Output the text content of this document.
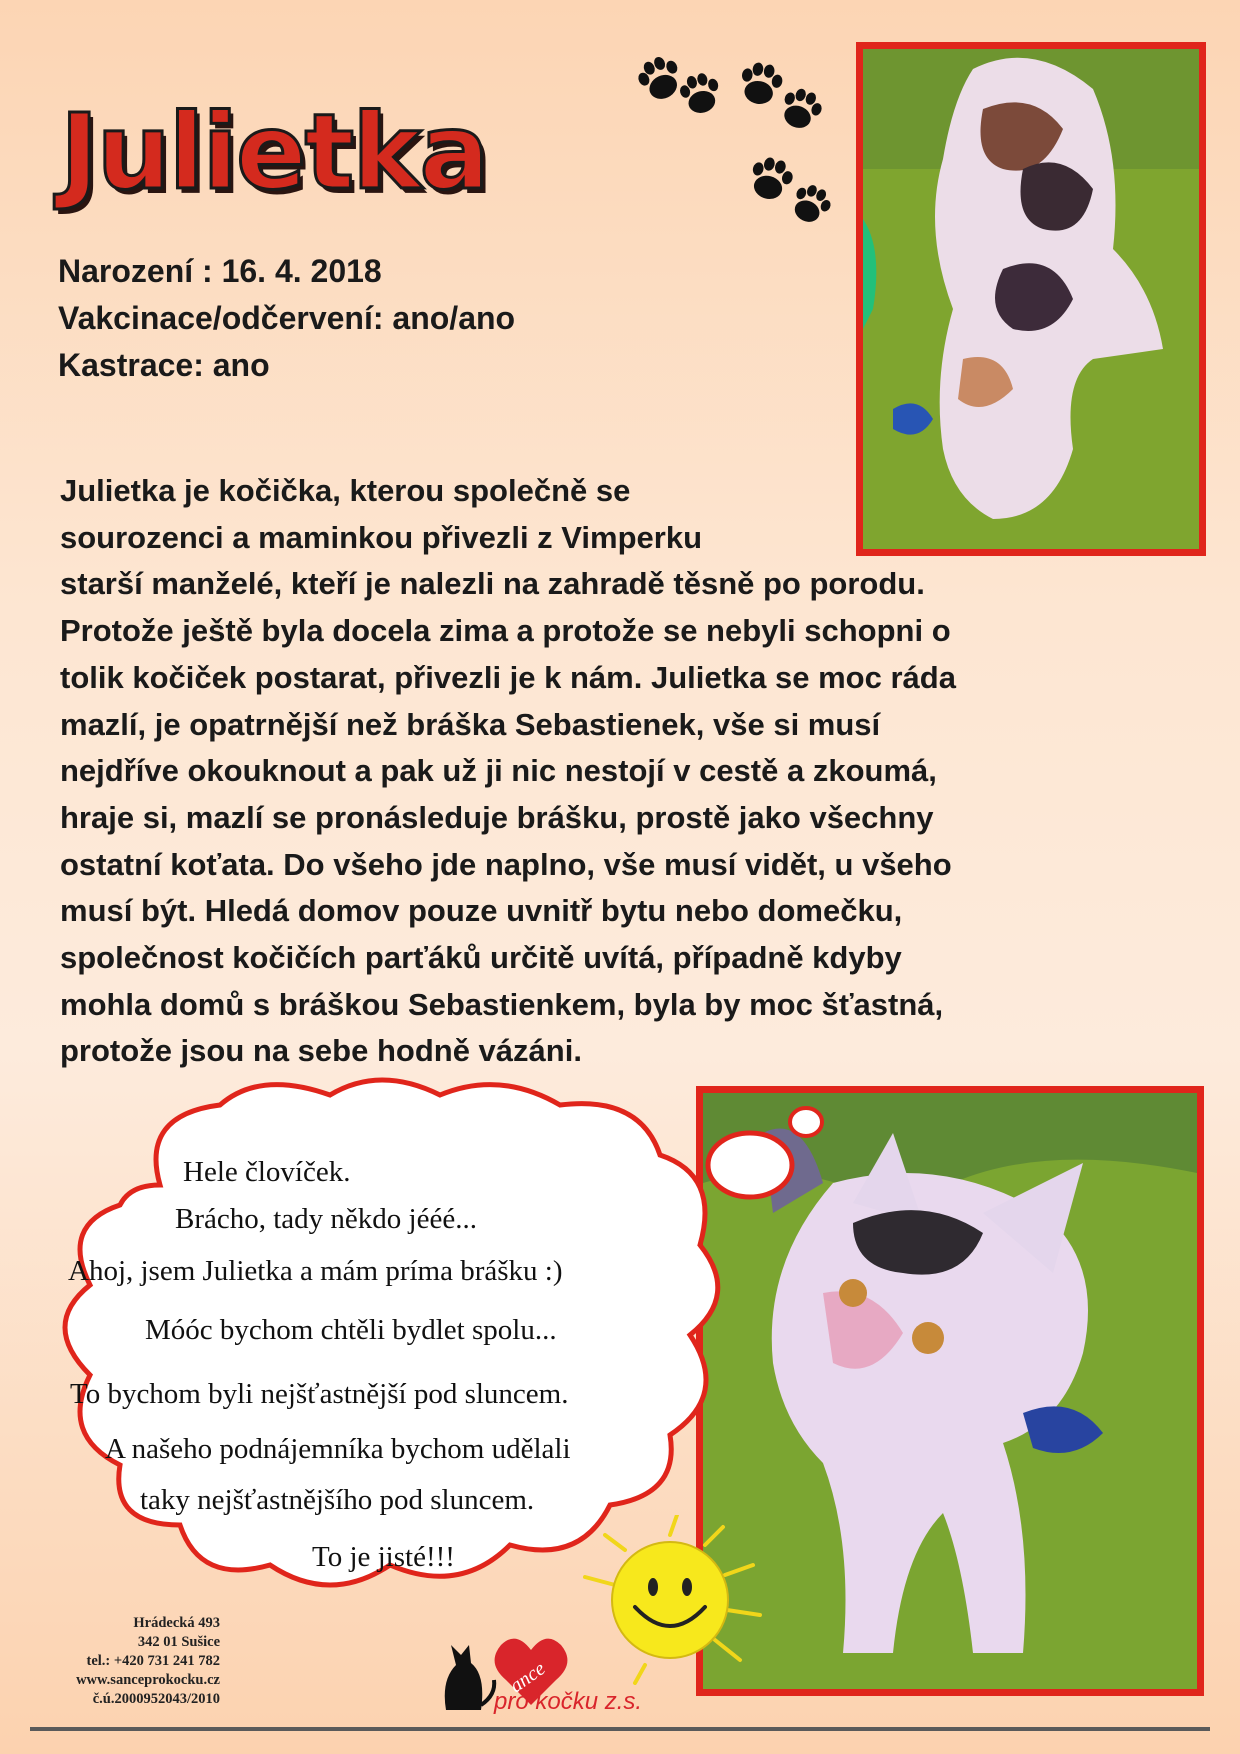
Julietka
Narození : 16. 4. 2018
Vakcinace/odčervení: ano/ano
Kastrace: ano
Julietka je kočička, kterou společně se
sourozenci a maminkou přivezli z Vimperku
starší manželé, kteří je nalezli na zahradě těsně po porodu.
Protože ještě byla docela zima a protože se nebyli schopni o
tolik kočiček postarat, přivezli je k nám. Julietka se moc ráda
mazlí, je opatrnější než bráška Sebastienek, vše si musí
nejdříve okouknout a pak už ji nic nestojí v cestě a zkoumá,
hraje si, mazlí se pronásleduje brášku, prostě jako všechny
ostatní koťata. Do všeho jde naplno, vše musí vidět, u všeho
musí být. Hledá domov pouze uvnitř bytu nebo domečku,
společnost kočičích parťáků určitě uvítá, případně kdyby
mohla domů s bráškou Sebastienkem, byla by moc šťastná,
protože jsou na sebe hodně vázáni.
Hele človíček.
Brácho, tady někdo jééé...
Ahoj, jsem Julietka a mám príma brášku :)
Móóc bychom chtěli bydlet spolu...
To bychom byli nejšťastnější pod sluncem.
A našeho podnájemníka bychom udělali
taky nejšťastnějšího pod sluncem.
To je jisté!!!
Hrádecká 493
342 01 Sušice
tel.: +420 731 241 782
www.sanceprokocku.cz
č.ú.2000952043/2010
ance
pro kočku z.s.
